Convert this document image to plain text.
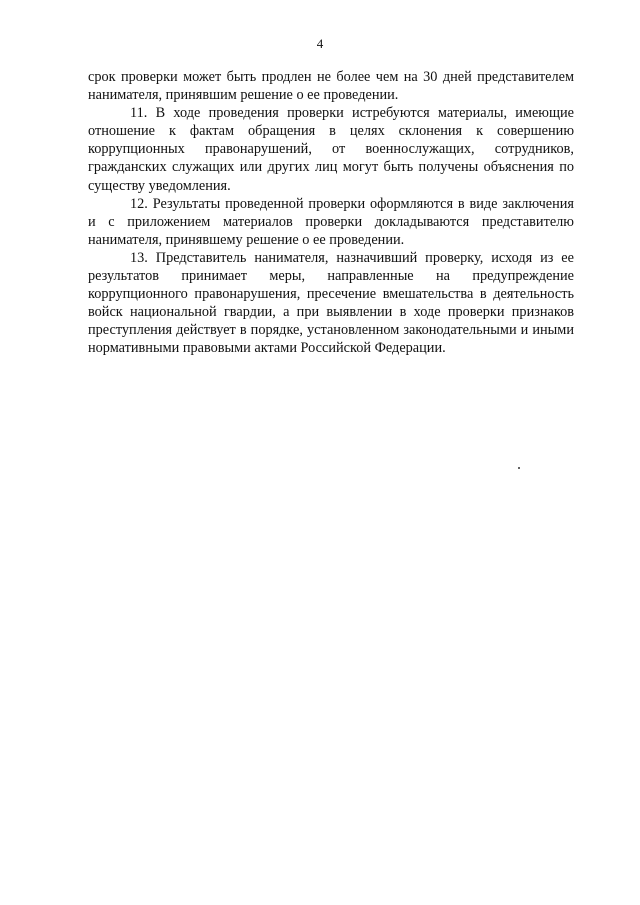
4

срок проверки может быть продлен не более чем на 30 дней представителем нанимателя, принявшим решение о ее проведении.

11. В ходе проведения проверки истребуются материалы, имеющие отношение к фактам обращения в целях склонения к совершению коррупционных правонарушений, от военнослужащих, сотрудников, гражданских служащих или других лиц могут быть получены объяснения по существу уведомления.

12. Результаты проведенной проверки оформляются в виде заключения и с приложением материалов проверки докладываются представителю нанимателя, принявшему решение о ее проведении.

13. Представитель нанимателя, назначивший проверку, исходя из ее результатов принимает меры, направленные на предупреждение коррупционного правонарушения, пресечение вмешательства в деятельность войск национальной гвардии, а при выявлении в ходе проверки признаков преступления действует в порядке, установленном законодательными и иными нормативными правовыми актами Российской Федерации.
